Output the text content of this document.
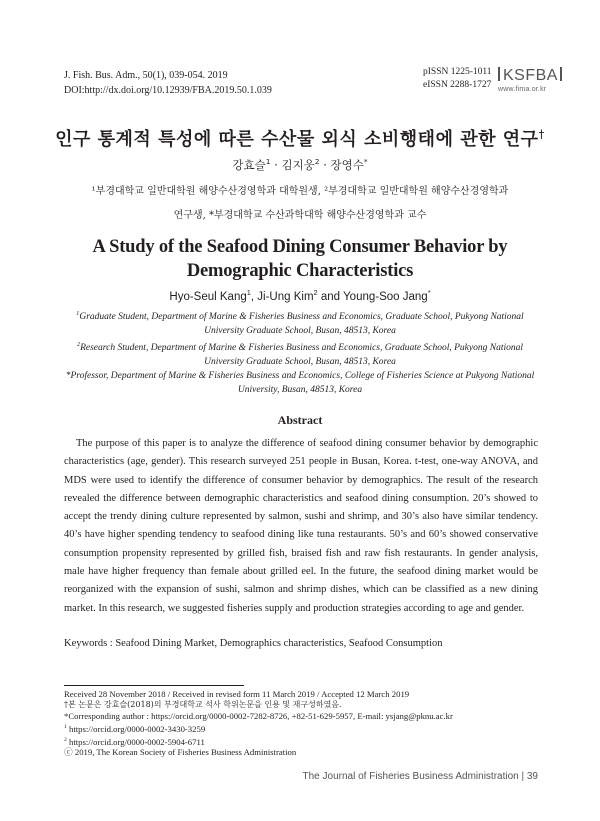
J. Fish. Bus. Adm., 50(1), 039-054. 2019
DOI:http://dx.doi.org/10.12939/FBA.2019.50.1.039
pISSN 1225-1011
eISSN 2288-1727
KSFBA
www.fima.or.kr
인구 통계적 특성에 따른 수산물 외식 소비행태에 관한 연구†
강효슬$^1$ · 김지웅$^2$ · 장영수*
¹부경대학교 일반대학원 해양수산경영학과 대학원생, ²부경대학교 일반대학원 해양수산경영학과
연구생, *부경대학교 수산과학대학 해양수산경영학과 교수
A Study of the Seafood Dining Consumer Behavior by Demographic Characteristics
Hyo-Seul Kang$^1$, Ji-Ung Kim$^2$ and Young-Soo Jang*

$^1$Graduate Student, Department of Marine & Fisheries Business and Economics, Graduate School, Pukyong National University Graduate School, Busan, 48513, Korea

$^2$Research Student, Department of Marine & Fisheries Business and Economics, Graduate School, Pukyong National University Graduate School, Busan, 48513, Korea

*Professor, Department of Marine & Fisheries Business and Economics, College of Fisheries Science at Pukyong National University, Busan, 48513, Korea

Abstract

The purpose of this paper is to analyze the difference of seafood dining consumer behavior by demographic characteristics (age, gender). This research surveyed 251 people in Busan, Korea. t-test, one-way ANOVA, and MDS were used to identify the difference of consumer behavior by demographics. The result of the research revealed the difference between demographic characteristics and seafood dining consumption. 20’s showed to accept the trendy dining culture represented by salmon, sushi and shrimp, and 30’s also have similar tendency. 40’s have higher spending tendency to seafood dining like tuna restaurants. 50’s and 60’s showed conservative consumption propensity represented by grilled fish, braised fish and raw fish restaurants. In gender analysis, male have higher frequency than female about grilled eel. In the future, the seafood dining market would be reorganized with the expansion of sushi, salmon and shrimp dishes, which can be classified as a new dining market. In this research, we suggested fisheries supply and production strategies according to age and gender.

Keywords : Seafood Dining Market, Demographics characteristics, Seafood Consumption

Received 28 November 2018 / Received in revised form 11 March 2019 / Accepted 12 March 2019

†본 논문은 강효슬(2018)의 부경대학교 석사 학위논문을 인용 및 재구성하였음.

*Corresponding author : https://orcid.org/0000-0002-7282-8726, +82-51-629-5957, E-mail: ysjang@pknu.ac.kr

$^1$ https://orcid.org/0000-0002-3430-3259

$^2$ https://orcid.org/0000-0002-5904-6711

ⓒ 2019, The Korean Society of Fisheries Business Administration

The Journal of Fisheries Business Administration | 39
